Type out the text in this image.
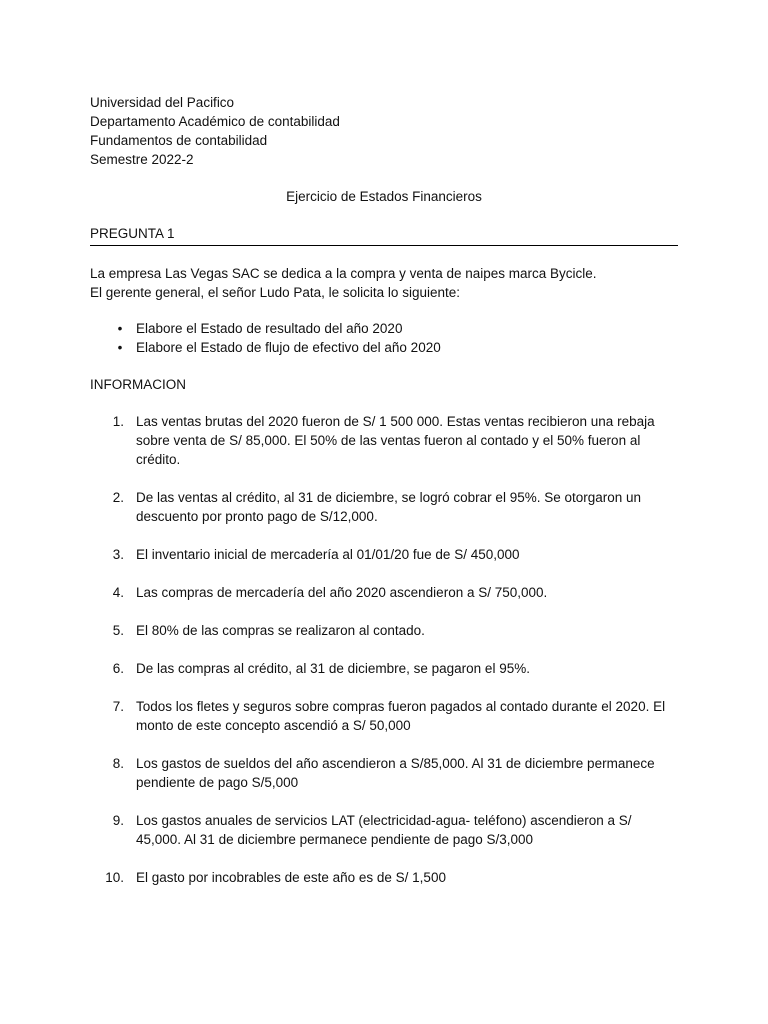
Universidad del Pacifico
Departamento Académico de contabilidad
Fundamentos de contabilidad
Semestre 2022-2
Ejercicio de Estados Financieros
PREGUNTA 1
La empresa Las Vegas SAC se dedica a la compra y venta de naipes marca Bycicle.
El gerente general, el señor Ludo Pata, le solicita lo siguiente:
• Elabore el Estado de resultado del año 2020
• Elabore el Estado de flujo de efectivo del año 2020
INFORMACION
1. Las ventas brutas del 2020 fueron de S/ 1 500 000. Estas ventas recibieron una rebaja
sobre venta de S/ 85,000. El 50% de las ventas fueron al contado y el 50% fueron al
crédito.
2. De las ventas al crédito, al 31 de diciembre, se logró cobrar el 95%. Se otorgaron un
descuento por pronto pago de S/12,000.
3. El inventario inicial de mercadería al 01/01/20 fue de S/ 450,000
4. Las compras de mercadería del año 2020 ascendieron a S/ 750,000.
5. El 80% de las compras se realizaron al contado.
6. De las compras al crédito, al 31 de diciembre, se pagaron el 95%.
7. Todos los fletes y seguros sobre compras fueron pagados al contado durante el 2020. El
monto de este concepto ascendió a S/ 50,000
8. Los gastos de sueldos del año ascendieron a S/85,000. Al 31 de diciembre permanece
pendiente de pago S/5,000
9. Los gastos anuales de servicios LAT (electricidad-agua- teléfono) ascendieron a S/
45,000. Al 31 de diciembre permanece pendiente de pago S/3,000
10. El gasto por incobrables de este año es de S/ 1,500
